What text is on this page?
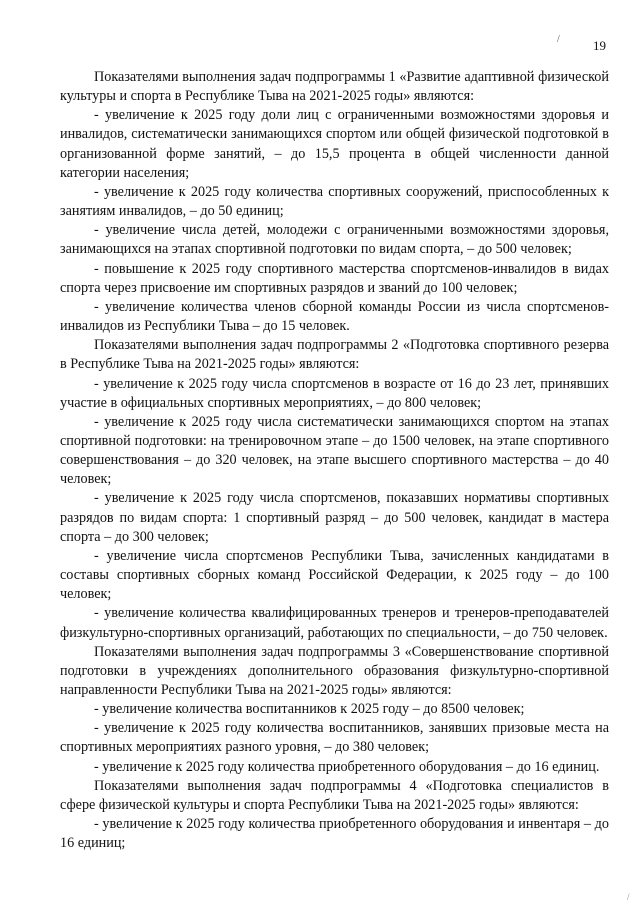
/	19

Показателями выполнения задач подпрограммы 1 «Развитие адаптивной физической культуры и спорта в Республике Тыва на 2021-2025 годы» являются:

- увеличение к 2025 году доли лиц с ограниченными возможностями здоровья и инвалидов, систематически занимающихся спортом или общей физической подготовкой в организованной форме занятий, – до 15,5 процента в общей численности данной категории населения;

- увеличение к 2025 году количества спортивных сооружений, приспособленных к занятиям инвалидов, – до 50 единиц;

- увеличение числа детей, молодежи с ограниченными возможностями здоровья, занимающихся на этапах спортивной подготовки по видам спорта, – до 500 человек;

- повышение к 2025 году спортивного мастерства спортсменов-инвалидов в видах спорта через присвоение им спортивных разрядов и званий до 100 человек;

- увеличение количества членов сборной команды России из числа спортсменов-инвалидов из Республики Тыва – до 15 человек.

Показателями выполнения задач подпрограммы 2 «Подготовка спортивного резерва в Республике Тыва на 2021-2025 годы» являются:

- увеличение к 2025 году числа спортсменов в возрасте от 16 до 23 лет, принявших участие в официальных спортивных мероприятиях, – до 800 человек;

- увеличение к 2025 году числа систематически занимающихся спортом на этапах спортивной подготовки: на тренировочном этапе – до 1500 человек, на этапе спортивного совершенствования – до 320 человек, на этапе высшего спортивного мастерства – до 40 человек;

- увеличение к 2025 году числа спортсменов, показавших нормативы спортивных разрядов по видам спорта: 1 спортивный разряд – до 500 человек, кандидат в мастера спорта – до 300 человек;

- увеличение числа спортсменов Республики Тыва, зачисленных кандидатами в составы спортивных сборных команд Российской Федерации, к 2025 году – до 100 человек;

- увеличение количества квалифицированных тренеров и тренеров-преподавателей физкультурно-спортивных организаций, работающих по специальности, – до 750 человек.

Показателями выполнения задач подпрограммы 3 «Совершенствование спортивной подготовки в учреждениях дополнительного образования физкультурно-спортивной направленности Республики Тыва на 2021-2025 годы» являются:

- увеличение количества воспитанников к 2025 году – до 8500 человек;

- увеличение к 2025 году количества воспитанников, занявших призовые места на спортивных мероприятиях разного уровня, – до 380 человек;

- увеличение к 2025 году количества приобретенного оборудования – до 16 единиц.

Показателями выполнения задач подпрограммы 4 «Подготовка специалистов в сфере физической культуры и спорта Республики Тыва на 2021-2025 годы» являются:

- увеличение к 2025 году количества приобретенного оборудования и инвентаря – до 16 единиц;

/
